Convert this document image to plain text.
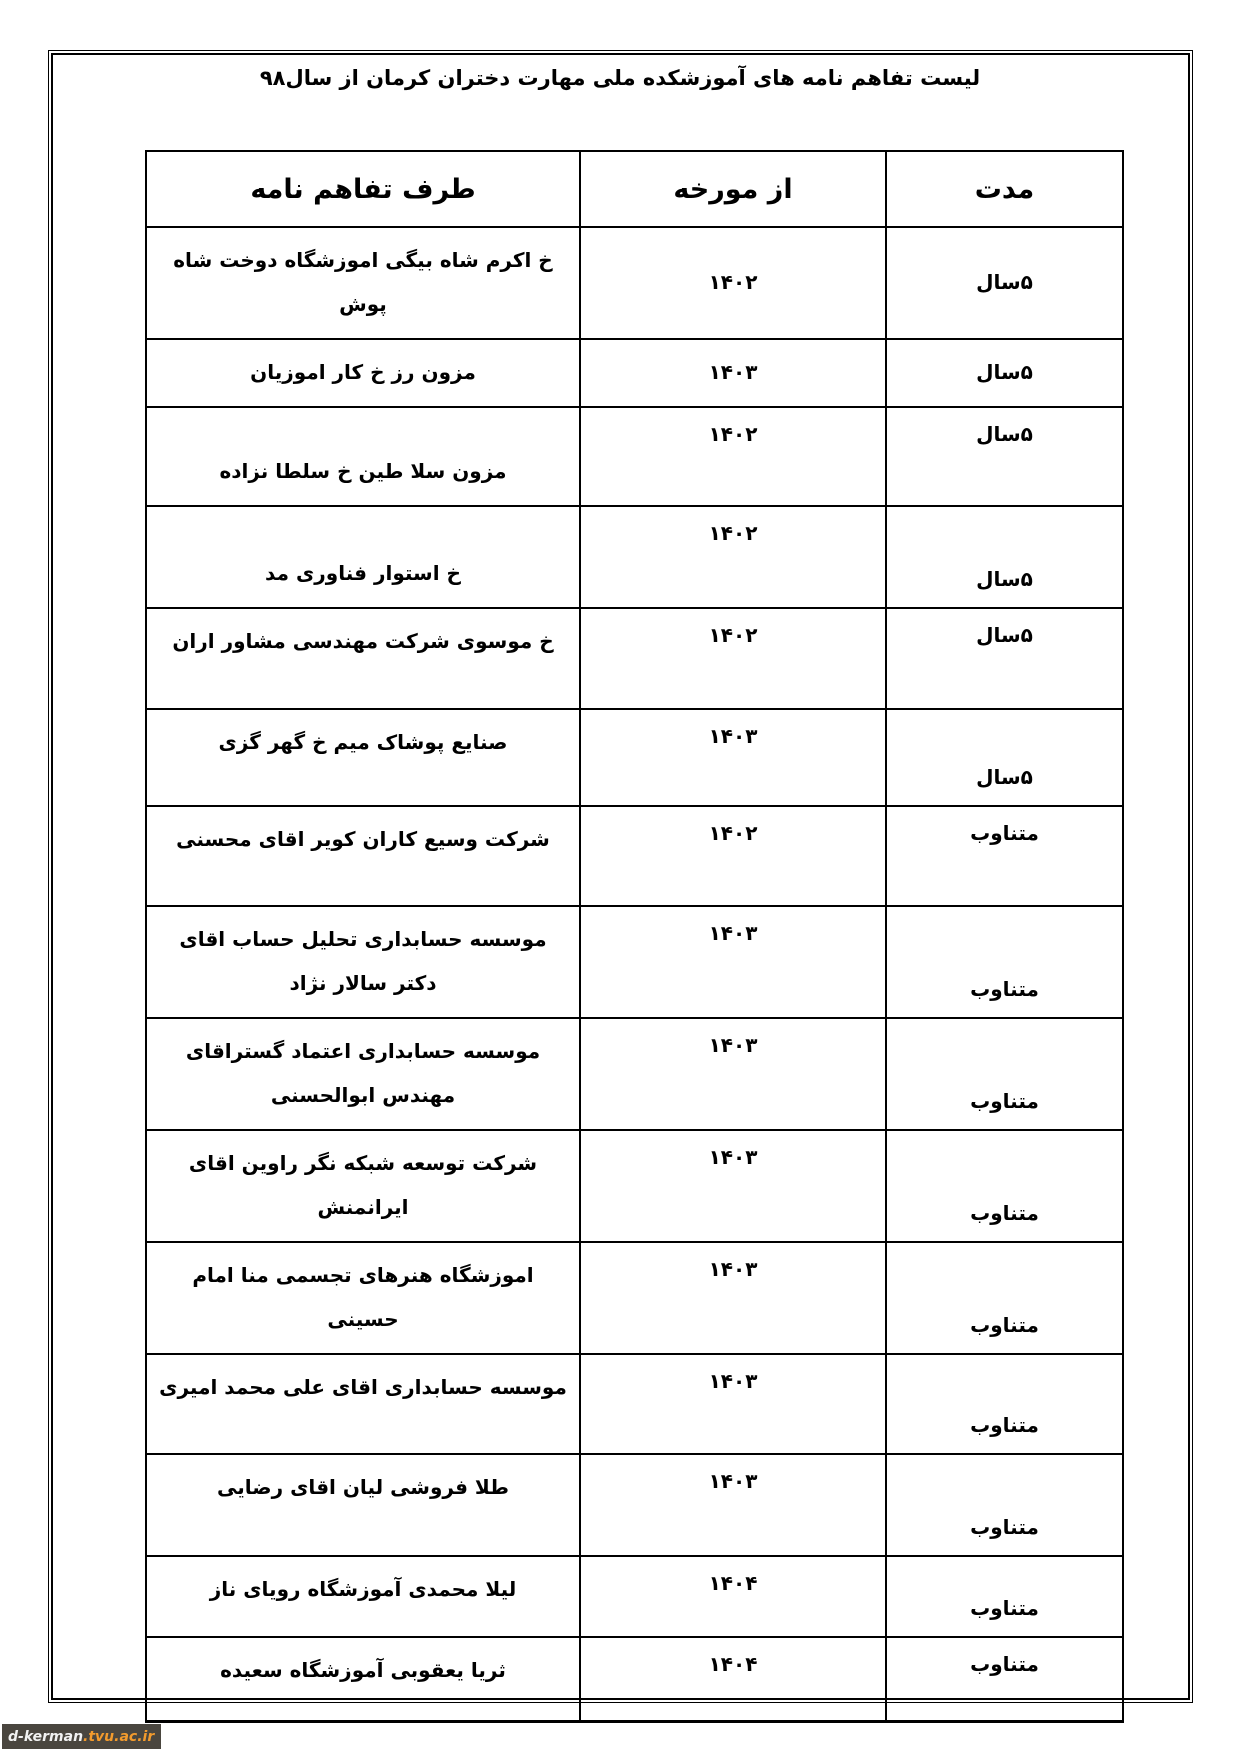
لیست تفاهم نامه های آموزشکده ملی مهارت دختران کرمان از سال۹۸
طرف تفاهم نامه	از مورخه	مدت
خ اکرم شاه بیگی اموزشگاه دوخت شاه پوش	۱۴۰۲	۵سال
مزون رز خ کار اموزیان	۱۴۰۳	۵سال
مزون سلا طین خ سلطا نزاده	۱۴۰۲	۵سال
خ استوار فناوری مد	۱۴۰۲	۵سال
خ موسوی شرکت مهندسی مشاور اران	۱۴۰۲	۵سال
صنایع پوشاک میم خ گهر گزی	۱۴۰۳	۵سال
شرکت وسیع کاران کویر اقای محسنی	۱۴۰۲	متناوب
موسسه حسابداری تحلیل حساب اقای دکتر سالار نژاد	۱۴۰۳	متناوب
موسسه حسابداری اعتماد گستراقای مهندس ابوالحسنی	۱۴۰۳	متناوب
شرکت توسعه شبکه نگر راوین اقای ایرانمنش	۱۴۰۳	متناوب
اموزشگاه هنرهای تجسمی منا امام حسینی	۱۴۰۳	متناوب
موسسه حسابداری اقای علی محمد امیری	۱۴۰۳	متناوب
طلا فروشی لیان اقای رضایی	۱۴۰۳	متناوب
لیلا محمدی آموزشگاه رویای ناز	۱۴۰۴	متناوب
ثریا یعقوبی آموزشگاه سعیده	۱۴۰۴	متناوب
d-kerman .tvu.ac.ir
